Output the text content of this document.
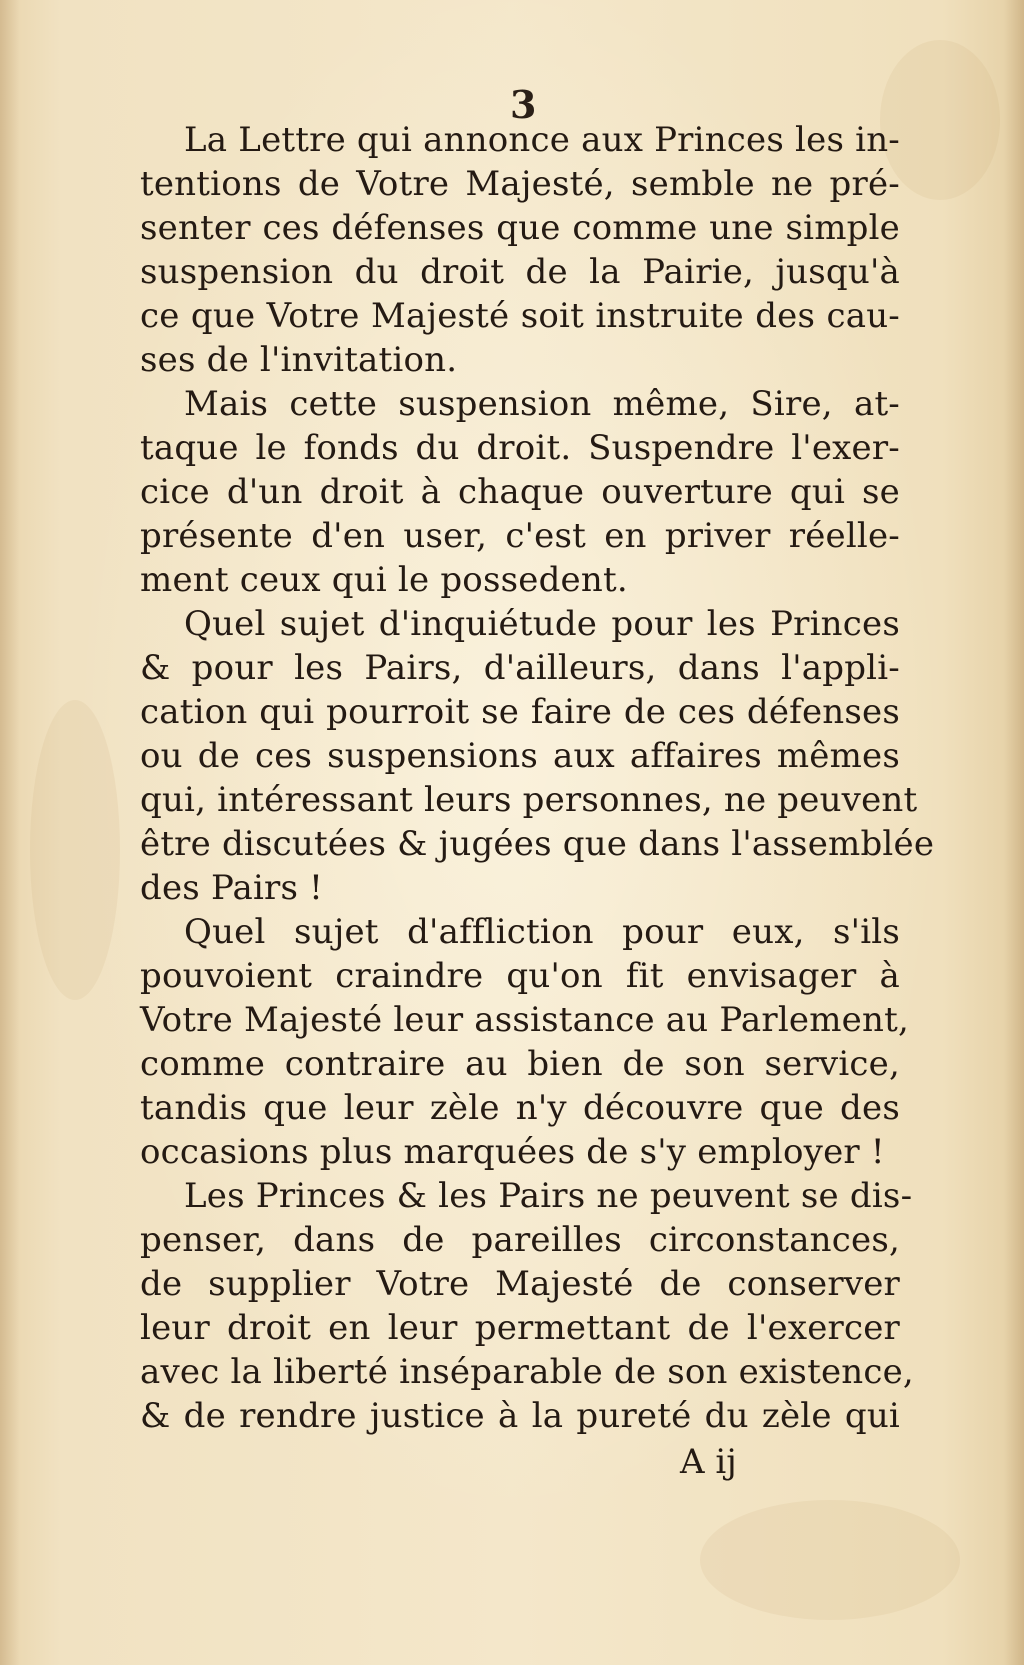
3

La Lettre qui annonce aux Princes les in-
tentions de Votre Majesté, semble ne pré-
senter ces défenses que comme une simple
suspension du droit de la Pairie, jusqu'à
ce que Votre Majesté soit instruite des cau-
ses de l'invitation.
Mais cette suspension même, Sire, at-
taque le fonds du droit. Suspendre l'exer-
cice d'un droit à chaque ouverture qui se
présente d'en user, c'est en priver réelle-
ment ceux qui le possedent.
Quel sujet d'inquiétude pour les Princes
& pour les Pairs, d'ailleurs, dans l'appli-
cation qui pourroit se faire de ces défenses
ou de ces suspensions aux affaires mêmes
qui, intéressant leurs personnes, ne peuvent
être discutées & jugées que dans l'assemblée
des Pairs !
Quel sujet d'affliction pour eux, s'ils
pouvoient craindre qu'on fit envisager à
Votre Majesté leur assistance au Parlement,
comme contraire au bien de son service,
tandis que leur zèle n'y découvre que des
occasions plus marquées de s'y employer !
Les Princes & les Pairs ne peuvent se dis-
penser, dans de pareilles circonstances,
de supplier Votre Majesté de conserver
leur droit en leur permettant de l'exercer
avec la liberté inséparable de son existence,
& de rendre justice à la pureté du zèle qui

A ij
